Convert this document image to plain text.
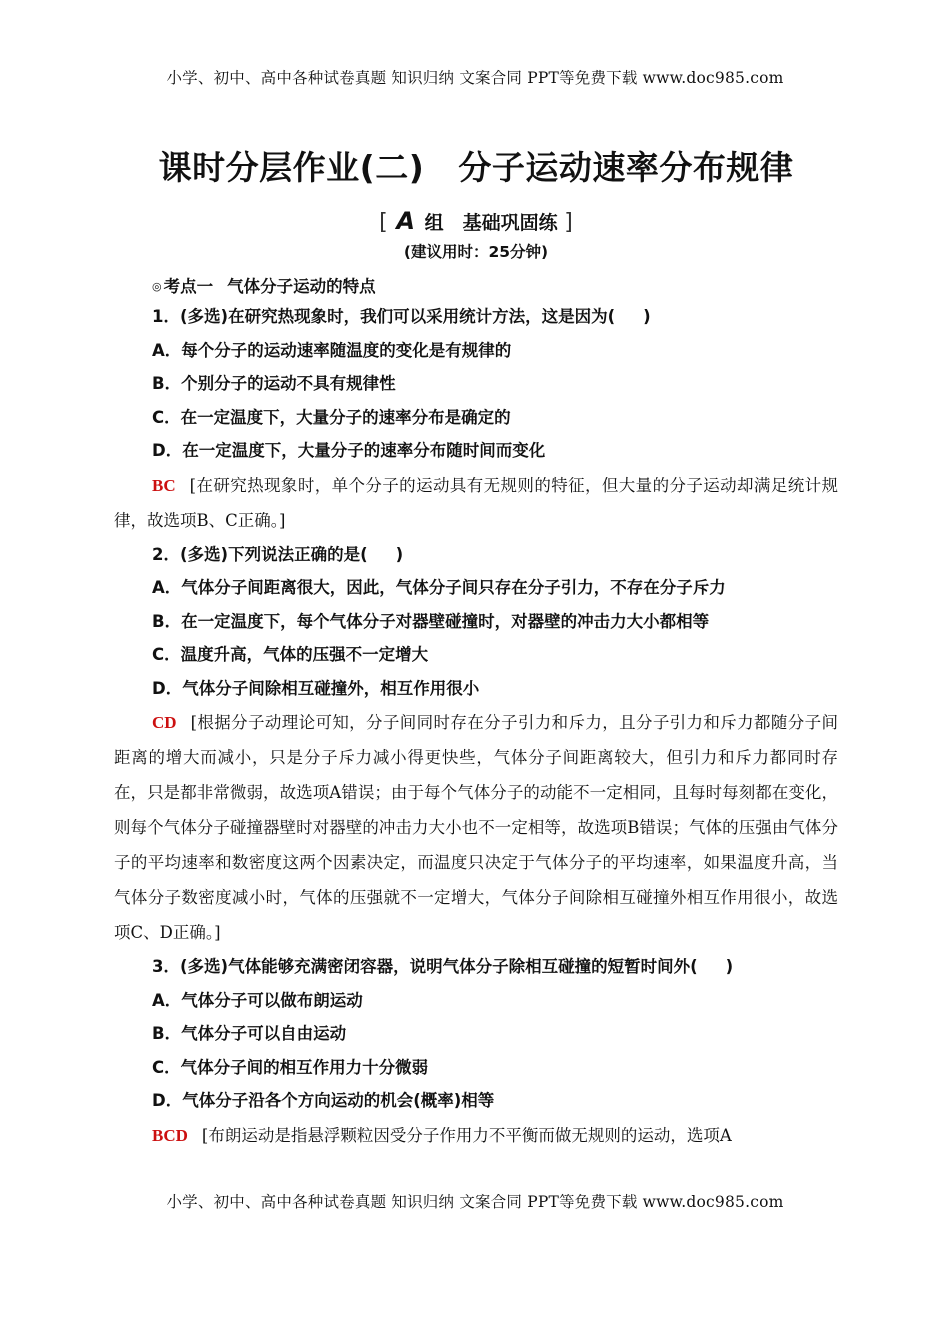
小学、初中、高中各种试卷真题 知识归纳 文案合同 PPT等免费下载 www.doc985.com
课时分层作业(二) 分子运动速率分布规律
[ A 组　基础巩固练 ]
(建议用时：25分钟)
◎ 考点一 气体分子运动的特点
1．(多选)在研究热现象时，我们可以采用统计方法，这是因为( )
A．每个分子的运动速率随温度的变化是有规律的
B．个别分子的运动不具有规律性
C．在一定温度下，大量分子的速率分布是确定的
D．在一定温度下，大量分子的速率分布随时间而变化
BC [在研究热现象时，单个分子的运动具有无规则的特征，但大量的分子运动却满足统计规律，故选项B、C正确。]
2．(多选)下列说法正确的是( )
A．气体分子间距离很大，因此，气体分子间只存在分子引力，不存在分子斥力
B．在一定温度下，每个气体分子对器壁碰撞时，对器壁的冲击力大小都相等
C．温度升高，气体的压强不一定增大
D．气体分子间除相互碰撞外，相互作用很小
CD [根据分子动理论可知，分子间同时存在分子引力和斥力，且分子引力和斥力都随分子间距离的增大而减小，只是分子斥力减小得更快些，气体分子间距离较大，但引力和斥力都同时存在，只是都非常微弱，故选项A错误；由于每个气体分子的动能不一定相同，且每时每刻都在变化，则每个气体分子碰撞器壁时对器壁的冲击力大小也不一定相等，故选项B错误；气体的压强由气体分子的平均速率和数密度这两个因素决定，而温度只决定于气体分子的平均速率，如果温度升高，当气体分子数密度减小时，气体的压强就不一定增大，气体分子间除相互碰撞外相互作用很小，故选项C、D正确。]
3．(多选)气体能够充满密闭容器，说明气体分子除相互碰撞的短暂时间外( )
A．气体分子可以做布朗运动
B．气体分子可以自由运动
C．气体分子间的相互作用力十分微弱
D．气体分子沿各个方向运动的机会(概率)相等
BCD [布朗运动是指悬浮颗粒因受分子作用力不平衡而做无规则的运动，选项A
小学、初中、高中各种试卷真题 知识归纳 文案合同 PPT等免费下载 www.doc985.com
